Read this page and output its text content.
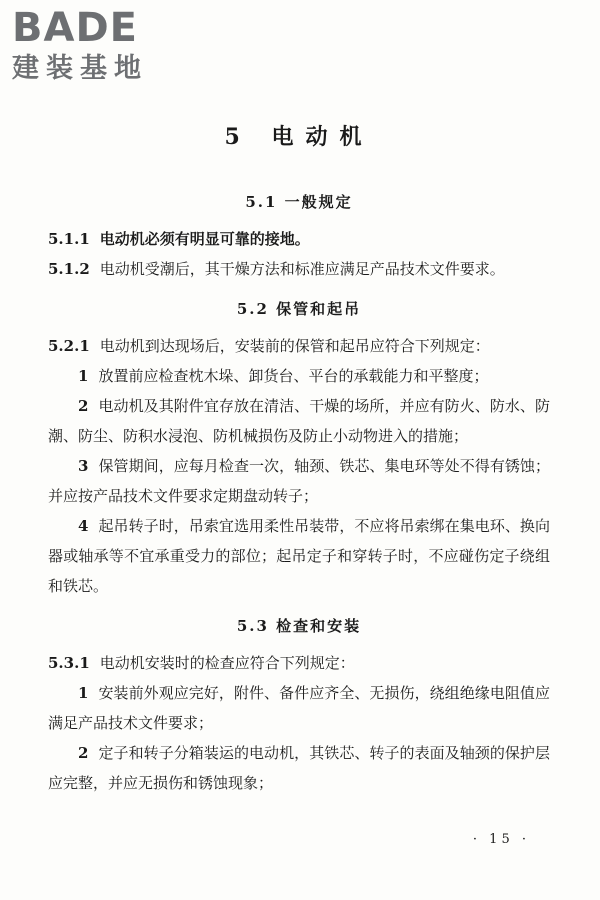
BADE
建装基地
5 电动机
5.1 一般规定

5.1.1 电动机必须有明显可靠的接地。

5.1.2 电动机受潮后，其干燥方法和标准应满足产品技术文件要求。

5.2 保管和起吊

5.2.1 电动机到达现场后，安装前的保管和起吊应符合下列规定：

1 放置前应检查枕木垛、卸货台、平台的承载能力和平整度；

2 电动机及其附件宜存放在清洁、干燥的场所，并应有防火、防水、防潮、防尘、防积水浸泡、防机械损伤及防止小动物进入的措施；

3 保管期间，应每月检查一次，轴颈、铁芯、集电环等处不得有锈蚀；并应按产品技术文件要求定期盘动转子；

4 起吊转子时，吊索宜选用柔性吊装带，不应将吊索绑在集电环、换向器或轴承等不宜承重受力的部位；起吊定子和穿转子时，不应碰伤定子绕组和铁芯。

5.3 检查和安装

5.3.1 电动机安装时的检查应符合下列规定：

1 安装前外观应完好，附件、备件应齐全、无损伤，绕组绝缘电阻值应满足产品技术文件要求；

2 定子和转子分箱装运的电动机，其铁芯、转子的表面及轴颈的保护层应完整，并应无损伤和锈蚀现象；

· 15 ·
